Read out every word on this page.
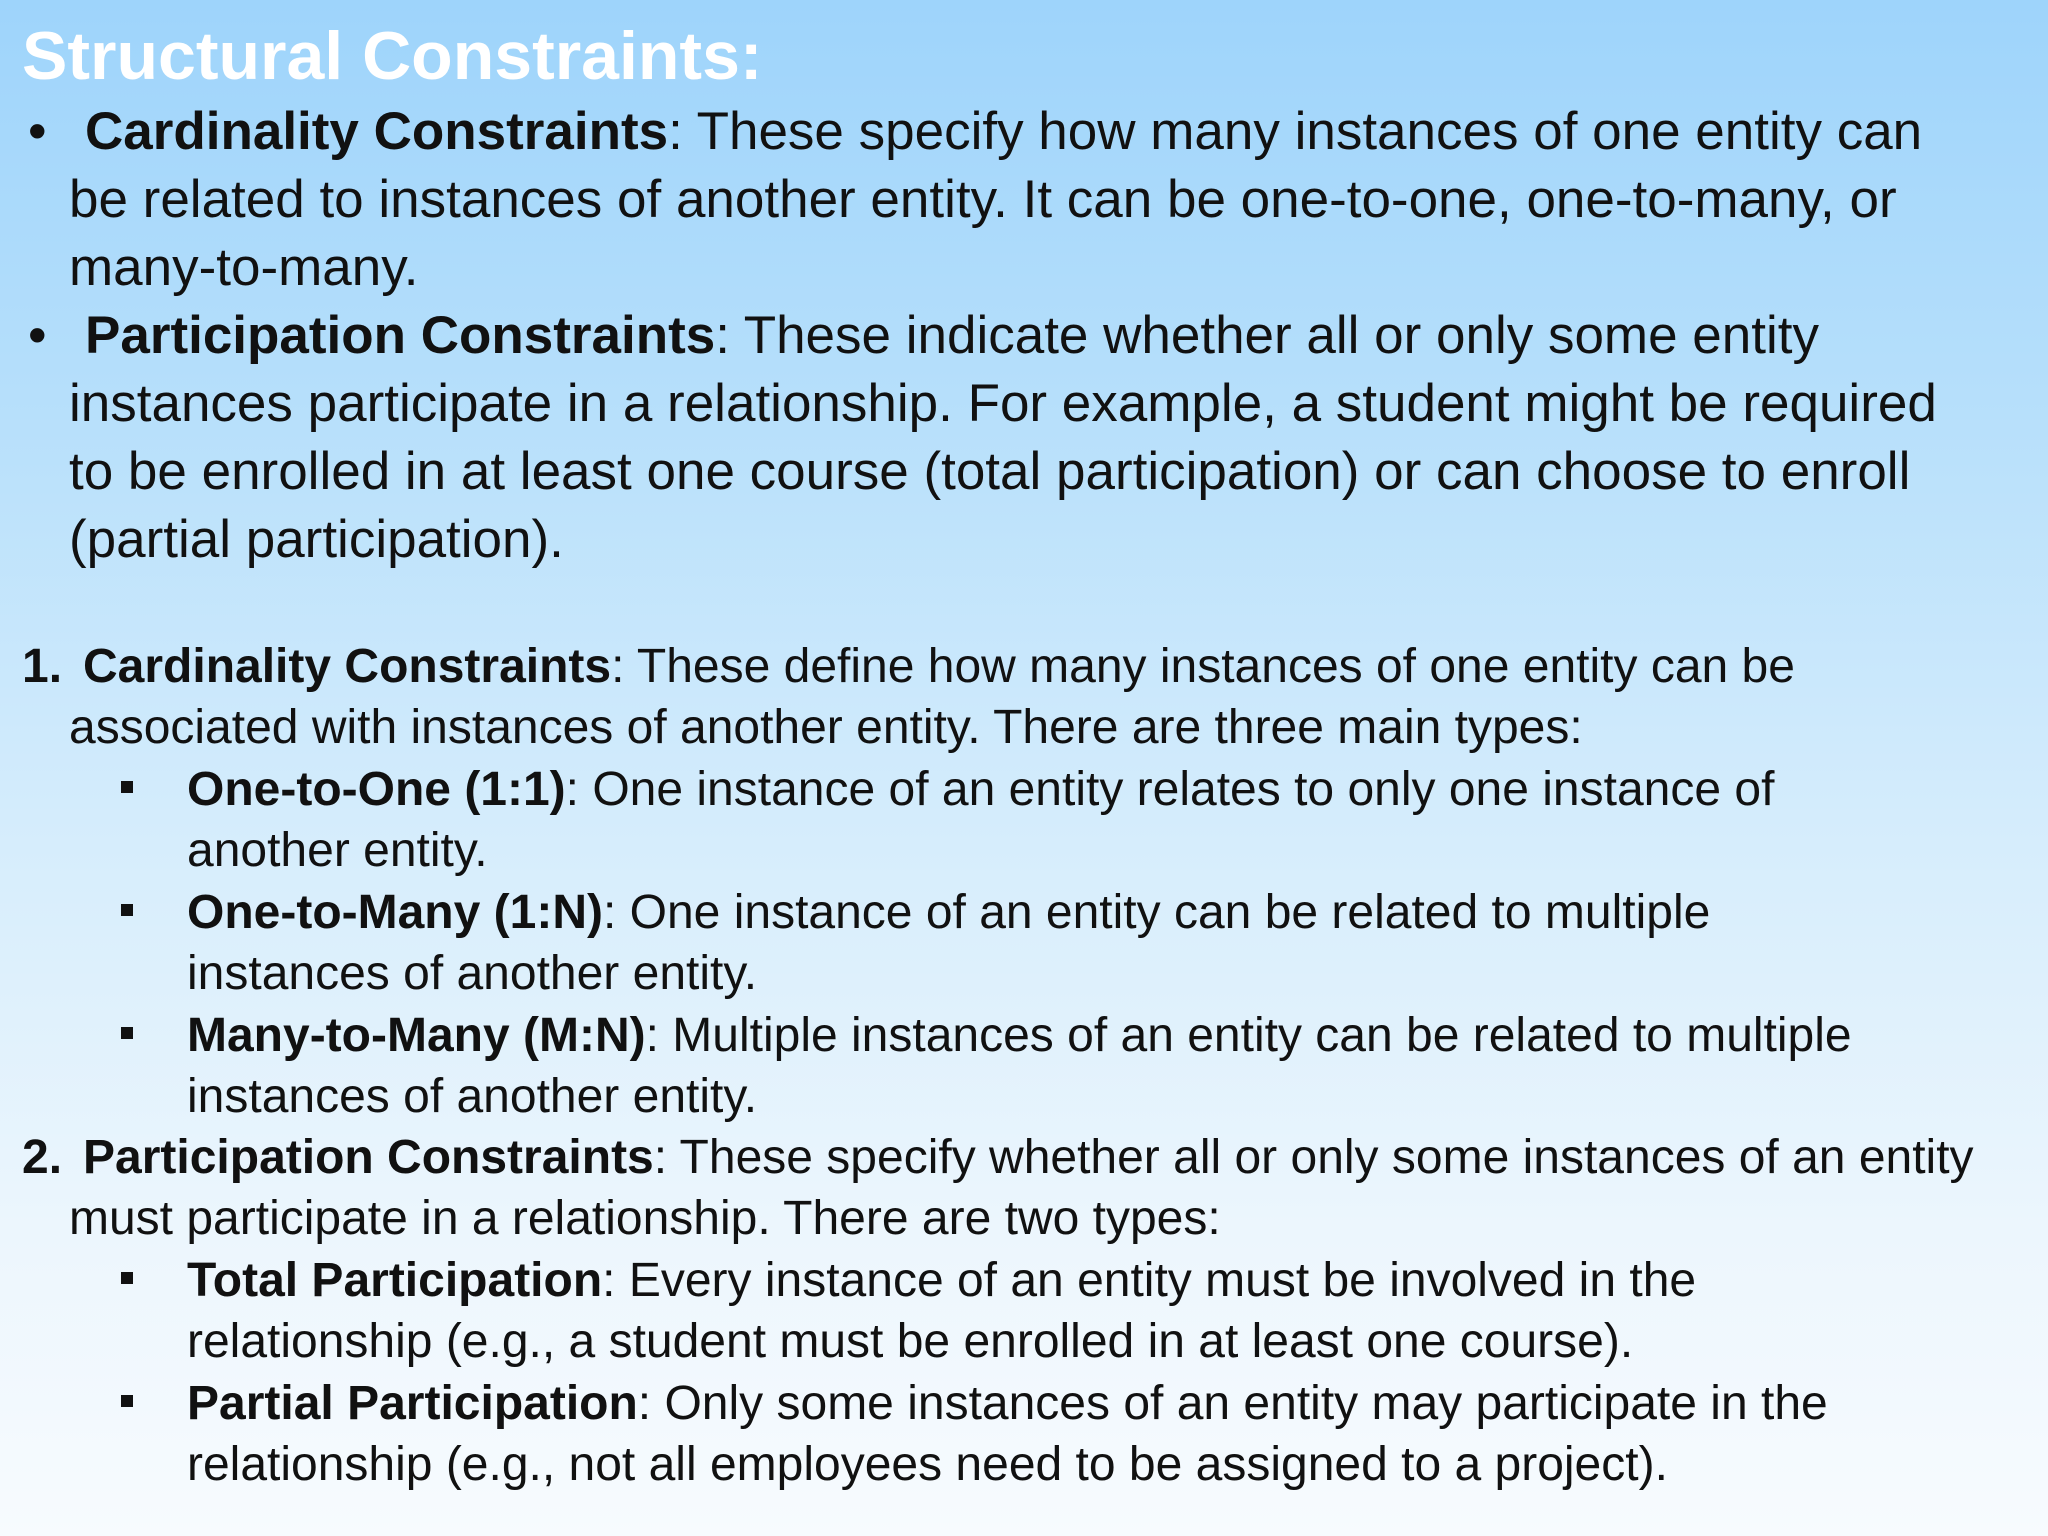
Structural Constraints:
• Cardinality Constraints: These specify how many instances of one entity can be related to instances of another entity. It can be one-to-one, one-to-many, or many-to-many.
• Participation Constraints: These indicate whether all or only some entity instances participate in a relationship. For example, a student might be required to be enrolled in at least one course (total participation) or can choose to enroll (partial participation).
1. Cardinality Constraints: These define how many instances of one entity can be associated with instances of another entity. There are three main types:
One-to-One (1:1): One instance of an entity relates to only one instance of another entity.
One-to-Many (1:N): One instance of an entity can be related to multiple instances of another entity.
Many-to-Many (M:N): Multiple instances of an entity can be related to multiple instances of another entity.
2. Participation Constraints: These specify whether all or only some instances of an entity must participate in a relationship. There are two types:
Total Participation: Every instance of an entity must be involved in the relationship (e.g., a student must be enrolled in at least one course).
Partial Participation: Only some instances of an entity may participate in the relationship (e.g., not all employees need to be assigned to a project).
